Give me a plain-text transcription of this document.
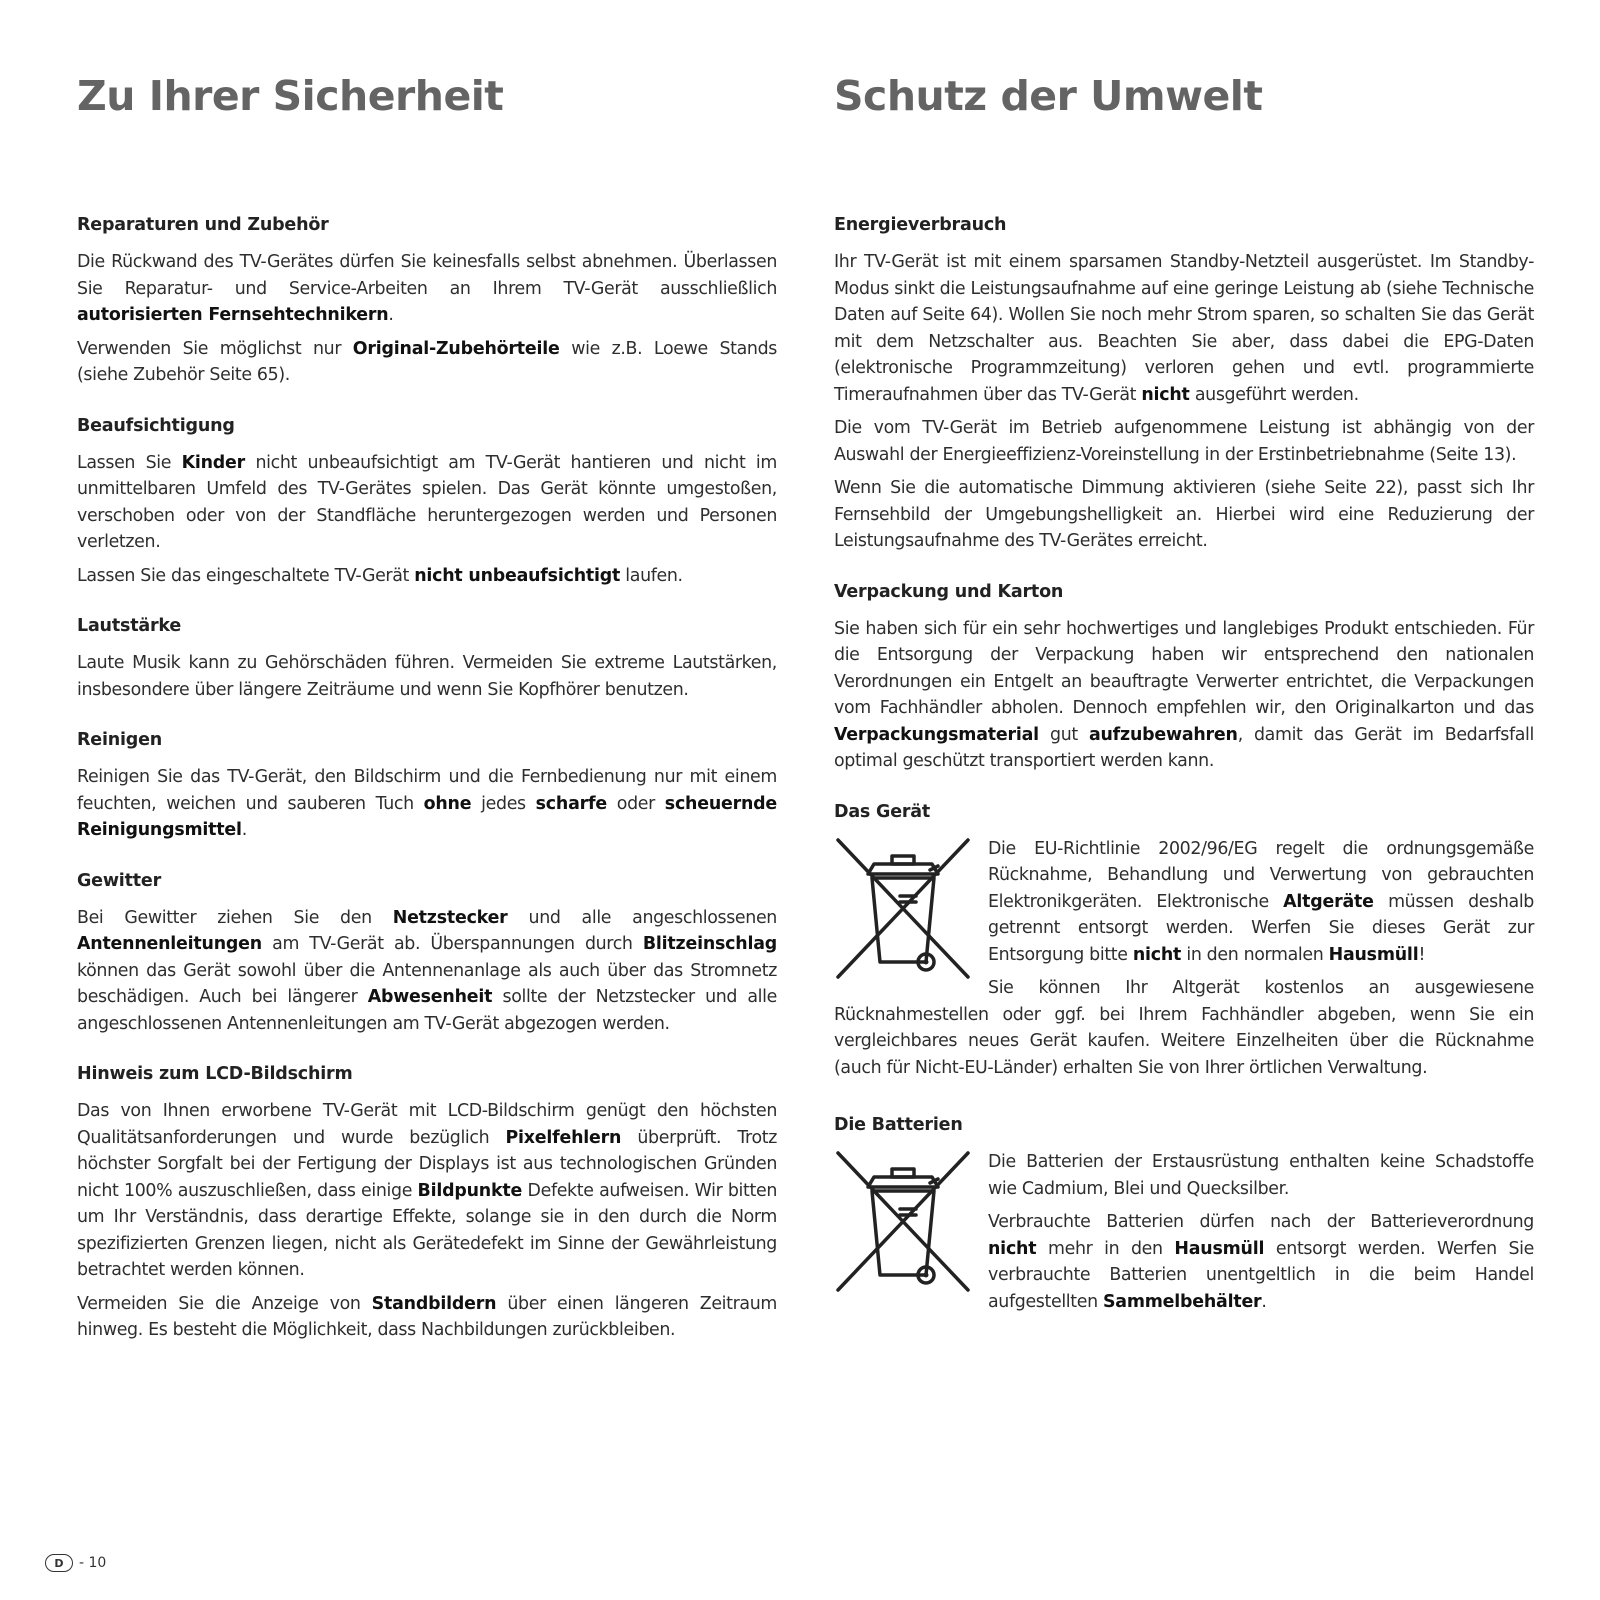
Zu Ihrer Sicherheit
Reparaturen und Zubehör

Die Rückwand des TV-Gerätes dürfen Sie keinesfalls selbst abnehmen. Überlassen Sie Reparatur- und Service-Arbeiten an Ihrem TV-Gerät ausschließlich autorisierten Fernsehtechnikern.

Verwenden Sie möglichst nur Original-Zubehörteile wie z.B. Loewe Stands (siehe Zubehör Seite 65).

Beaufsichtigung

Lassen Sie Kinder nicht unbeaufsichtigt am TV-Gerät hantieren und nicht im unmittelbaren Umfeld des TV-Gerätes spielen. Das Gerät könnte umgestoßen, verschoben oder von der Standfläche heruntergezogen werden und Personen verletzen.

Lassen Sie das eingeschaltete TV-Gerät nicht unbeaufsichtigt laufen.

Lautstärke

Laute Musik kann zu Gehörschäden führen. Vermeiden Sie extreme Lautstärken, insbesondere über längere Zeiträume und wenn Sie Kopfhörer benutzen.

Reinigen

Reinigen Sie das TV-Gerät, den Bildschirm und die Fernbedienung nur mit einem feuchten, weichen und sauberen Tuch ohne jedes scharfe oder scheuernde Reinigungsmittel.

Gewitter

Bei Gewitter ziehen Sie den Netzstecker und alle angeschlossenen Antennenleitungen am TV-Gerät ab. Überspannungen durch Blitzeinschlag können das Gerät sowohl über die Antennenanlage als auch über das Stromnetz beschädigen. Auch bei längerer Abwesenheit sollte der Netzstecker und alle angeschlossenen Antennenleitungen am TV-Gerät abgezogen werden.

Hinweis zum LCD-Bildschirm

Das von Ihnen erworbene TV-Gerät mit LCD-Bildschirm genügt den höchsten Qualitätsanforderungen und wurde bezüglich Pixelfehlern überprüft. Trotz höchster Sorgfalt bei der Fertigung der Displays ist aus technologischen Gründen nicht 100% auszuschließen, dass einige Bildpunkte Defekte aufweisen. Wir bitten um Ihr Verständnis, dass derartige Effekte, solange sie in den durch die Norm spezifizierten Grenzen liegen, nicht als Gerätedefekt im Sinne der Gewährleistung betrachtet werden können.

Vermeiden Sie die Anzeige von Standbildern über einen längeren Zeitraum hinweg. Es besteht die Möglichkeit, dass Nachbildungen zurückbleiben.

Schutz der Umwelt
Energieverbrauch

Ihr TV-Gerät ist mit einem sparsamen Standby-Netzteil ausgerüstet. Im Standby-Modus sinkt die Leistungsaufnahme auf eine geringe Leistung ab (siehe Technische Daten auf Seite 64). Wollen Sie noch mehr Strom sparen, so schalten Sie das Gerät mit dem Netzschalter aus. Beachten Sie aber, dass dabei die EPG-Daten (elektronische Programmzeitung) verloren gehen und evtl. programmierte Timeraufnahmen über das TV-Gerät nicht ausgeführt werden.

Die vom TV-Gerät im Betrieb aufgenommene Leistung ist abhängig von der Auswahl der Energieeffizienz-Voreinstellung in der Erstinbetriebnahme (Seite 13).

Wenn Sie die automatische Dimmung aktivieren (siehe Seite 22), passt sich Ihr Fernsehbild der Umgebungshelligkeit an. Hierbei wird eine Reduzierung der Leistungsaufnahme des TV-Gerätes erreicht.

Verpackung und Karton

Sie haben sich für ein sehr hochwertiges und langlebiges Produkt entschieden. Für die Entsorgung der Verpackung haben wir entsprechend den nationalen Verordnungen ein Entgelt an beauftragte Verwerter entrichtet, die Verpackungen vom Fachhändler abholen. Dennoch empfehlen wir, den Originalkarton und das Verpackungsmaterial gut aufzubewahren, damit das Gerät im Bedarfsfall optimal geschützt transportiert werden kann.

Das Gerät

Die EU-Richtlinie 2002/96/EG regelt die ordnungsgemäße Rücknahme, Behandlung und Verwertung von gebrauchten Elektronikgeräten. Elektronische Altgeräte müssen deshalb getrennt entsorgt werden. Werfen Sie dieses Gerät zur Entsorgung bitte nicht in den normalen Hausmüll!

Sie können Ihr Altgerät kostenlos an ausgewiesene Rücknahmestellen oder ggf. bei Ihrem Fachhändler abgeben, wenn Sie ein vergleichbares neues Gerät kaufen. Weitere Einzelheiten über die Rücknahme (auch für Nicht-EU-Länder) erhalten Sie von Ihrer örtlichen Verwaltung.

Die Batterien

Die Batterien der Erstausrüstung enthalten keine Schadstoffe wie Cadmium, Blei und Quecksilber.

Verbrauchte Batterien dürfen nach der Batterieverordnung nicht mehr in den Hausmüll entsorgt werden. Werfen Sie verbrauchte Batterien unentgeltlich in die beim Handel aufgestellten Sammelbehälter.

D	- 10
